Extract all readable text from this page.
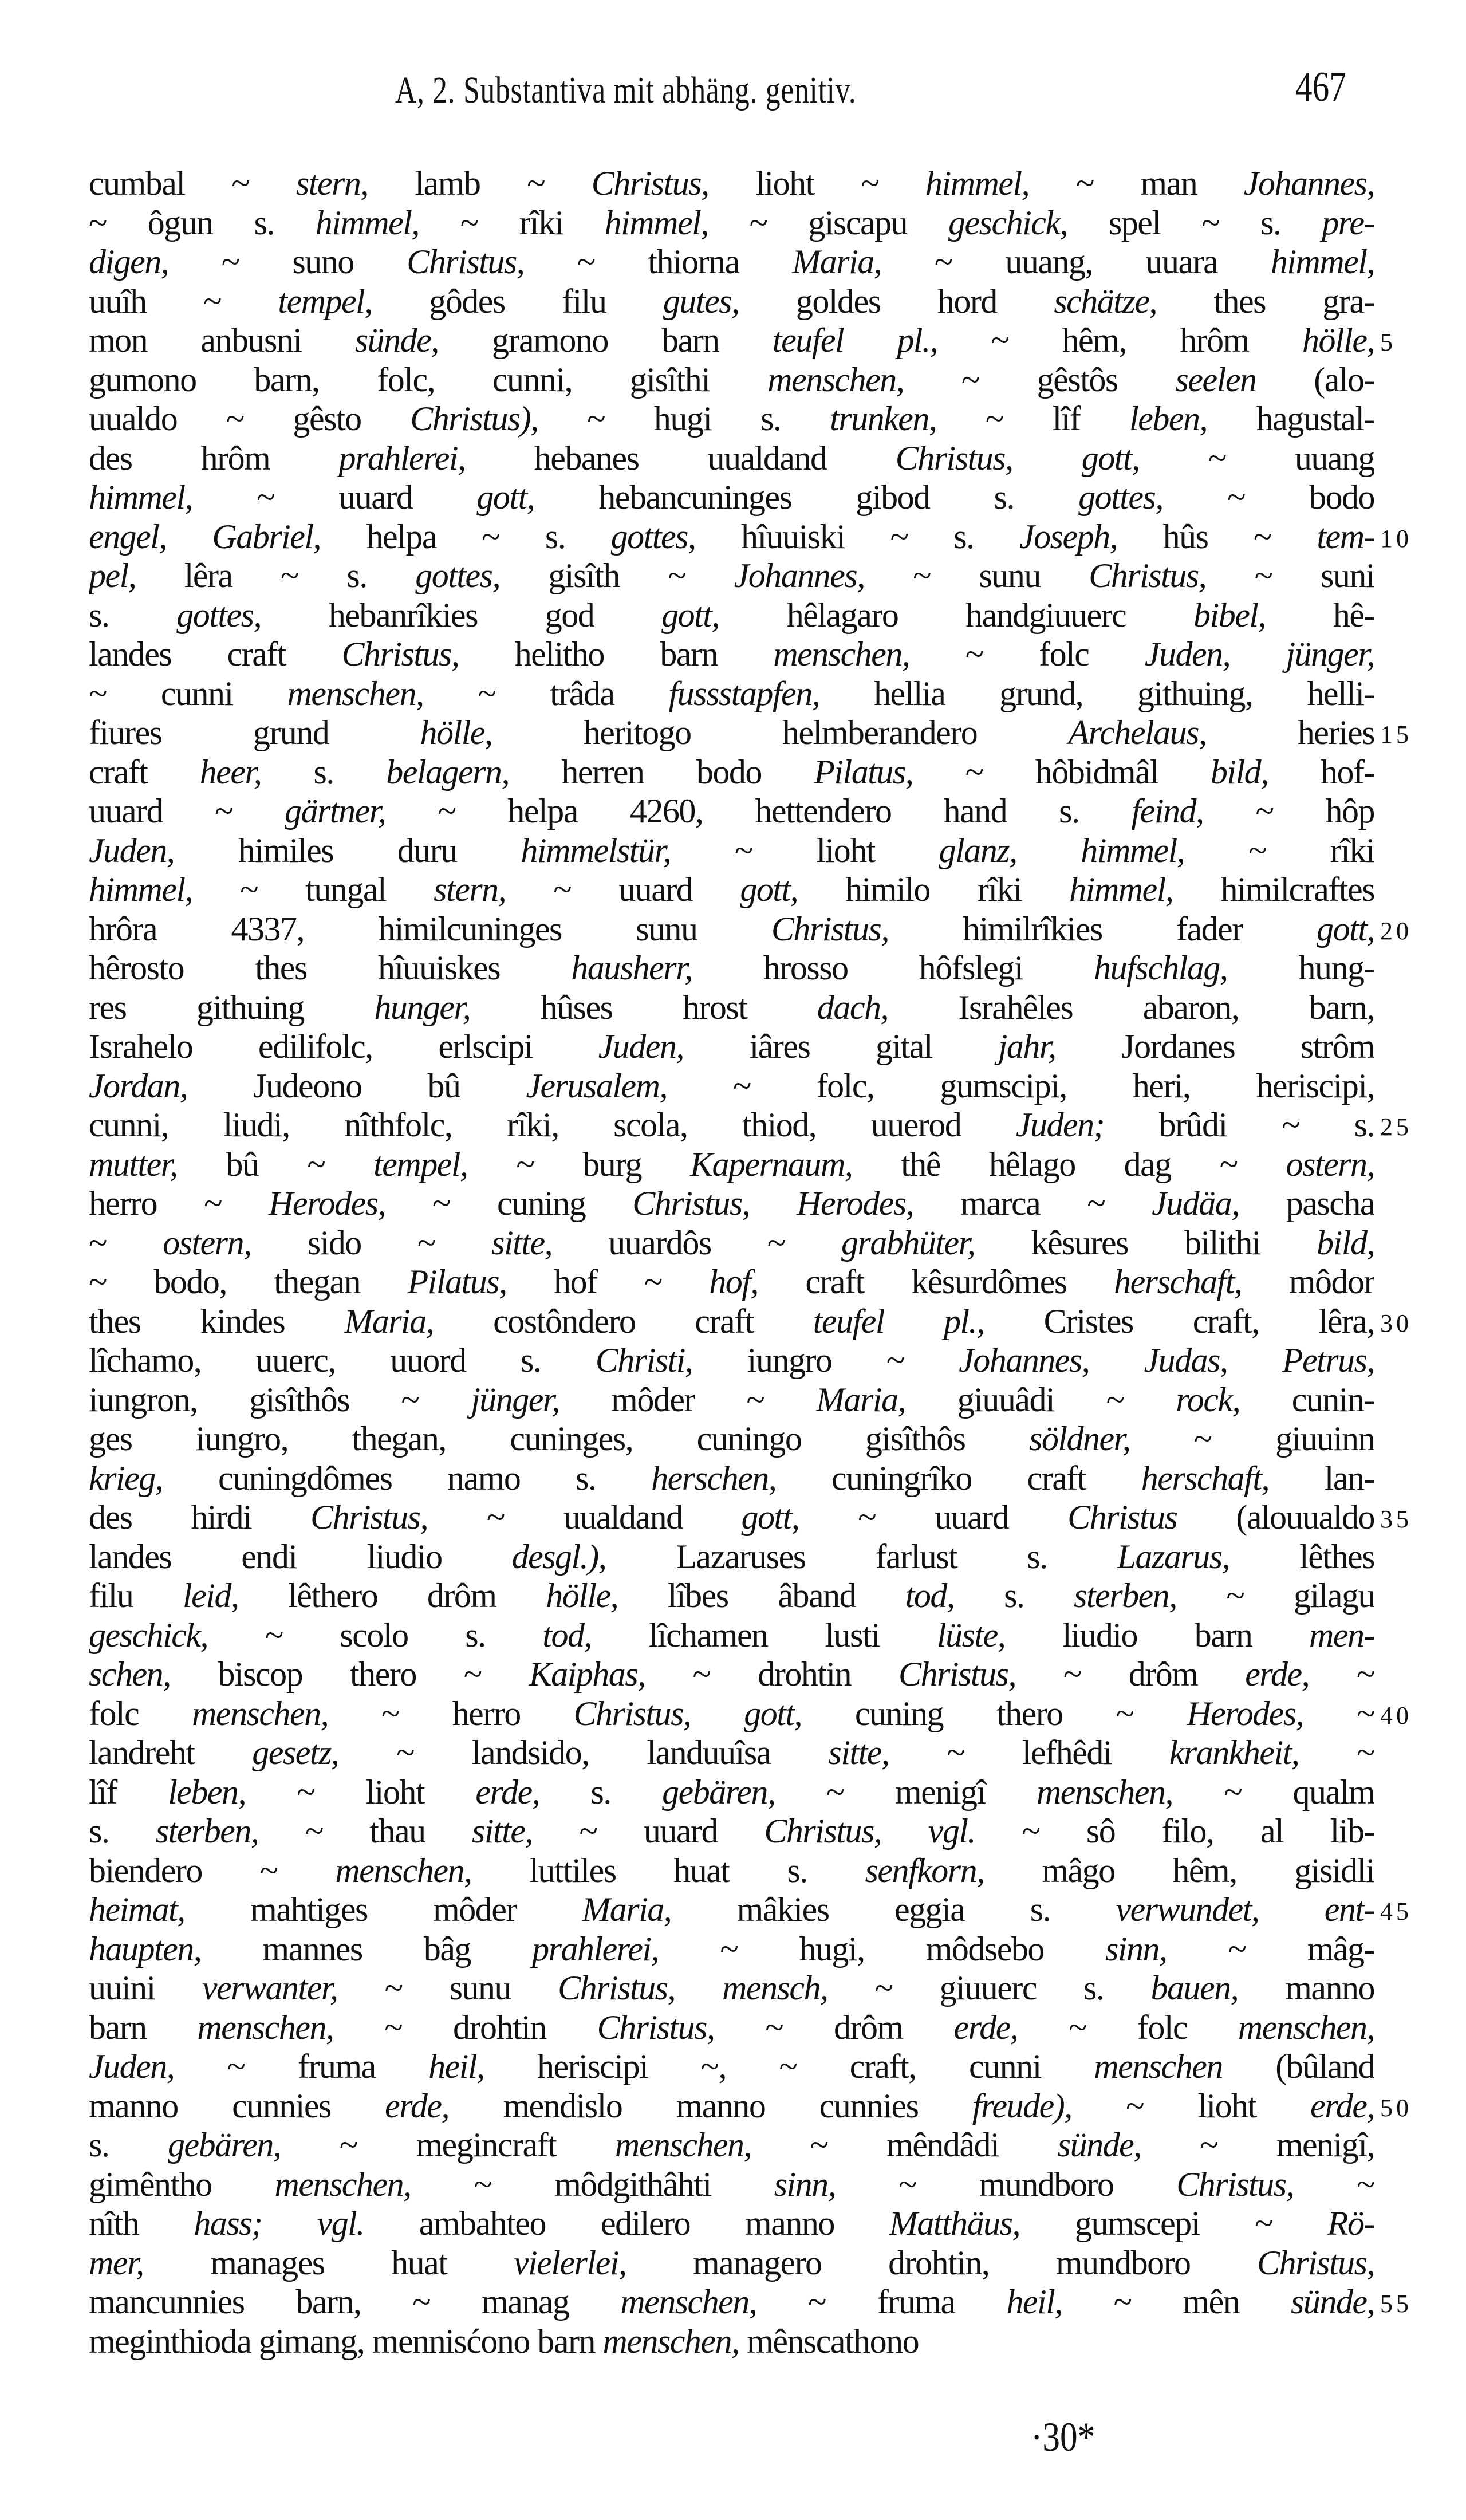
A, 2. Substantiva mit abhäng. genitiv.	467
cumbal ~ stern, lamb ~ Christus, lioht ~ himmel, ~ man Johannes,
~ ôgun s. himmel, ~ rîki himmel, ~ giscapu geschick, spel ~ s. pre-
digen, ~ suno Christus, ~ thiorna Maria, ~ uuang, uuara himmel,
uuîh ~ tempel, gôdes filu gutes, goldes hord schätze, thes gra-
mon anbusni sünde, gramono barn teufel pl., ~ hêm, hrôm hölle, 5
gumono barn, folc, cunni, gisîthi menschen, ~ gêstôs seelen (alo-
uualdo ~ gêsto Christus), ~ hugi s. trunken, ~ lîf leben, hagustal-
des hrôm prahlerei, hebanes uualdand Christus, gott, ~ uuang
himmel, ~ uuard gott, hebancuninges gibod s. gottes, ~ bodo
engel, Gabriel, helpa ~ s. gottes, hîuuiski ~ s. Joseph, hûs ~ tem- 10
pel, lêra ~ s. gottes, gisîth ~ Johannes, ~ sunu Christus, ~ suni
s. gottes, hebanrîkies god gott, hêlagaro handgiuuerc bibel, hê-
landes craft Christus, helitho barn menschen, ~ folc Juden, jünger,
~ cunni menschen, ~ trâda fussstapfen, hellia grund, githuing, helli-
fiures grund hölle, heritogo helmberandero Archelaus, heries 15
craft heer, s. belagern, herren bodo Pilatus, ~ hôbidmâl bild, hof-
uuard ~ gärtner, ~ helpa 4260, hettendero hand s. feind, ~ hôp
Juden, himiles duru himmelstür, ~ lioht glanz, himmel, ~ rîki
himmel, ~ tungal stern, ~ uuard gott, himilo rîki himmel, himilcraftes
hrôra 4337, himilcuninges sunu Christus, himilrîkies fader gott, 20
hêrosto thes hîuuiskes hausherr, hrosso hôfslegi hufschlag, hung-
res githuing hunger, hûses hrost dach, Israhêles abaron, barn,
Israhelo edilifolc, erlscipi Juden, iâres gital jahr, Jordanes strôm
Jordan, Judeono bû Jerusalem, ~ folc, gumscipi, heri, heriscipi,
cunni, liudi, nîthfolc, rîki, scola, thiod, uuerod Juden; brûdi ~ s. 25
mutter, bû ~ tempel, ~ burg Kapernaum, thê hêlago dag ~ ostern,
herro ~ Herodes, ~ cuning Christus, Herodes, marca ~ Judäa, pascha
~ ostern, sido ~ sitte, uuardôs ~ grabhüter, kêsures bilithi bild,
~ bodo, thegan Pilatus, hof ~ hof, craft kêsurdômes herschaft, môdor
thes kindes Maria, costôndero craft teufel pl., Cristes craft, lêra, 30
lîchamo, uuerc, uuord s. Christi, iungro ~ Johannes, Judas, Petrus,
iungron, gisîthôs ~ jünger, môder ~ Maria, giuuâdi ~ rock, cunin-
ges iungro, thegan, cuninges, cuningo gisîthôs söldner, ~ giuuinn
krieg, cuningdômes namo s. herschen, cuningrîko craft herschaft, lan-
des hirdi Christus, ~ uualdand gott, ~ uuard Christus (alouualdo 35
landes endi liudio desgl.), Lazaruses farlust s. Lazarus, lêthes
filu leid, lêthero drôm hölle, lîbes âband tod, s. sterben, ~ gilagu
geschick, ~ scolo s. tod, lîchamen lusti lüste, liudio barn men-
schen, biscop thero ~ Kaiphas, ~ drohtin Christus, ~ drôm erde, ~
folc menschen, ~ herro Christus, gott, cuning thero ~ Herodes, ~ 40
landreht gesetz, ~ landsido, landuuîsa sitte, ~ lefhêdi krankheit, ~
lîf leben, ~ lioht erde, s. gebären, ~ menigî menschen, ~ qualm
s. sterben, ~ thau sitte, ~ uuard Christus, vgl. ~ sô filo, al lib-
biendero ~ menschen, luttiles huat s. senfkorn, mâgo hêm, gisidli
heimat, mahtiges môder Maria, mâkies eggia s. verwundet, ent- 45
haupten, mannes bâg prahlerei, ~ hugi, môdsebo sinn, ~ mâg-
uuini verwanter, ~ sunu Christus, mensch, ~ giuuerc s. bauen, manno
barn menschen, ~ drohtin Christus, ~ drôm erde, ~ folc menschen,
Juden, ~ fruma heil, heriscipi ~, ~ craft, cunni menschen (bûland
manno cunnies erde, mendislo manno cunnies freude), ~ lioht erde, 50
s. gebären, ~ megincraft menschen, ~ mêndâdi sünde, ~ menigî,
gimêntho menschen, ~ môdgithâhti sinn, ~ mundboro Christus, ~
nîth hass; vgl. ambahteo edilero manno Matthäus, gumscepi ~ Rö-
mer, manages huat vielerlei, managero drohtin, mundboro Christus,
mancunnies barn, ~ manag menschen, ~ fruma heil, ~ mên sünde, 55
meginthioda gimang, mennisćono barn menschen, mênscathono
·30*
